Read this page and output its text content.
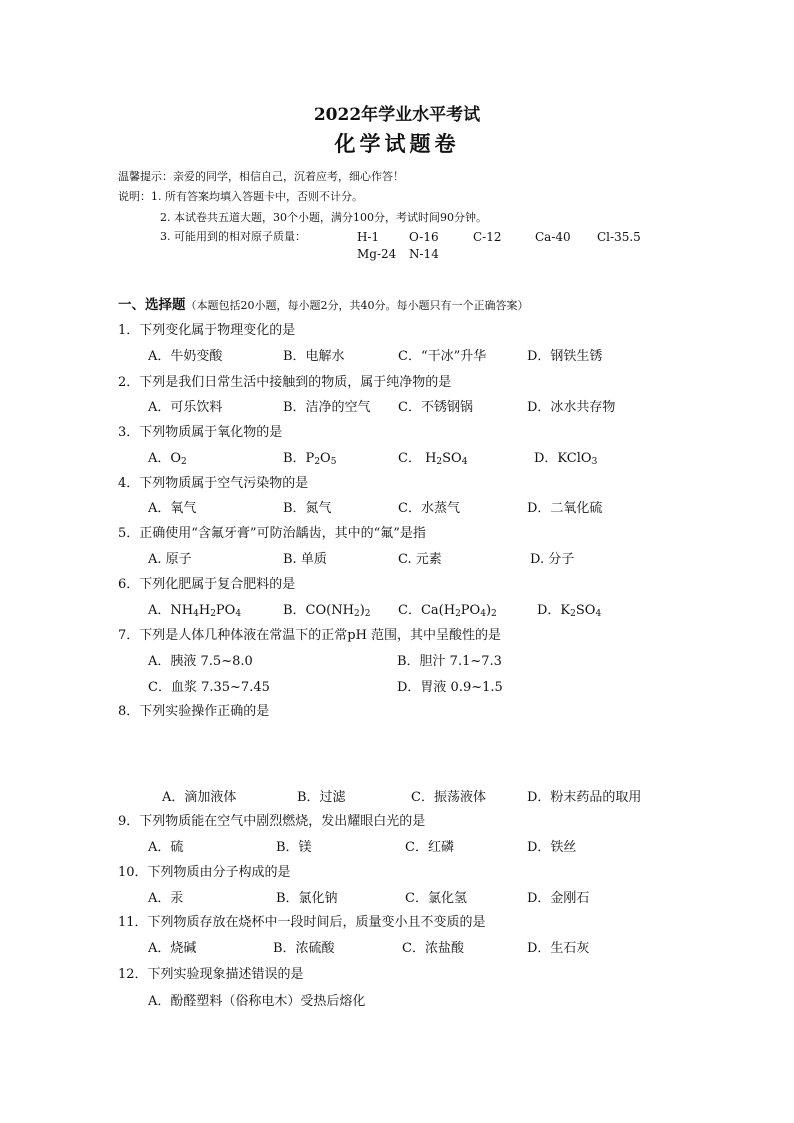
2022年学业水平考试
化学试题卷
温馨提示：亲爱的同学，相信自己，沉着应考，细心作答！
说明：1. 所有答案均填入答题卡中，否则不计分。
2. 本试卷共五道大题，30个小题，满分100分，考试时间90分钟。
3. 可能用到的相对原子质量：	H-1 O-16	C-12	Ca-40 Cl-35.5
Mg-24 N-14
一、选择题（本题包括20小题，每小题2分，共40分。每小题只有一个正确答案）
1．下列变化属于物理变化的是
A．牛奶变酸	B．电解水	C．“干冰”升华	D．钢铁生锈
2．下列是我们日常生活中接触到的物质，属于纯净物的是
A．可乐饮料	B．洁净的空气 C．不锈钢锅	D．冰水共存物
3．下列物质属于氧化物的是
A．$O_2$	B．$P_2O_5$	C． $H_2SO_4$	D．KClO$_3$
4．下列物质属于空气污染物的是
A．氧气	B．氮气	C．水蒸气	D．二氧化硫
5．正确使用“含氟牙膏”可防治龋齿，其中的“氟”是指
A. 原子	B. 单质	C. 元素	D. 分子
6．下列化肥属于复合肥料的是
A．$NH_4H_2PO_4$	B．$CO(NH_2)_2$ C．$Ca(H_2PO_4)_2$	D．$K_2SO_4$
7．下列是人体几种体液在常温下的正常pH 范围，其中呈酸性的是
A．胰液 7.5~8.0	B．胆汁 7.1~7.3
C．血浆 7.35~7.45	D．胃液 0.9~1.5
8．下列实验操作正确的是
A．滴加液体	B．过滤	C．振荡液体	D．粉末药品的取用
9．下列物质能在空气中剧烈燃烧，发出耀眼白光的是
A．硫	B．镁	C．红磷	D．铁丝
10．下列物质由分子构成的是
A．汞	B．氯化钠	C．氯化氢	D．金刚石
11．下列物质存放在烧杯中一段时间后，质量变小且不变质的是
A．烧碱	B．浓硫酸	C．浓盐酸	D．生石灰
12．下列实验现象描述错误的是
A．酚醛塑料（俗称电木）受热后熔化
